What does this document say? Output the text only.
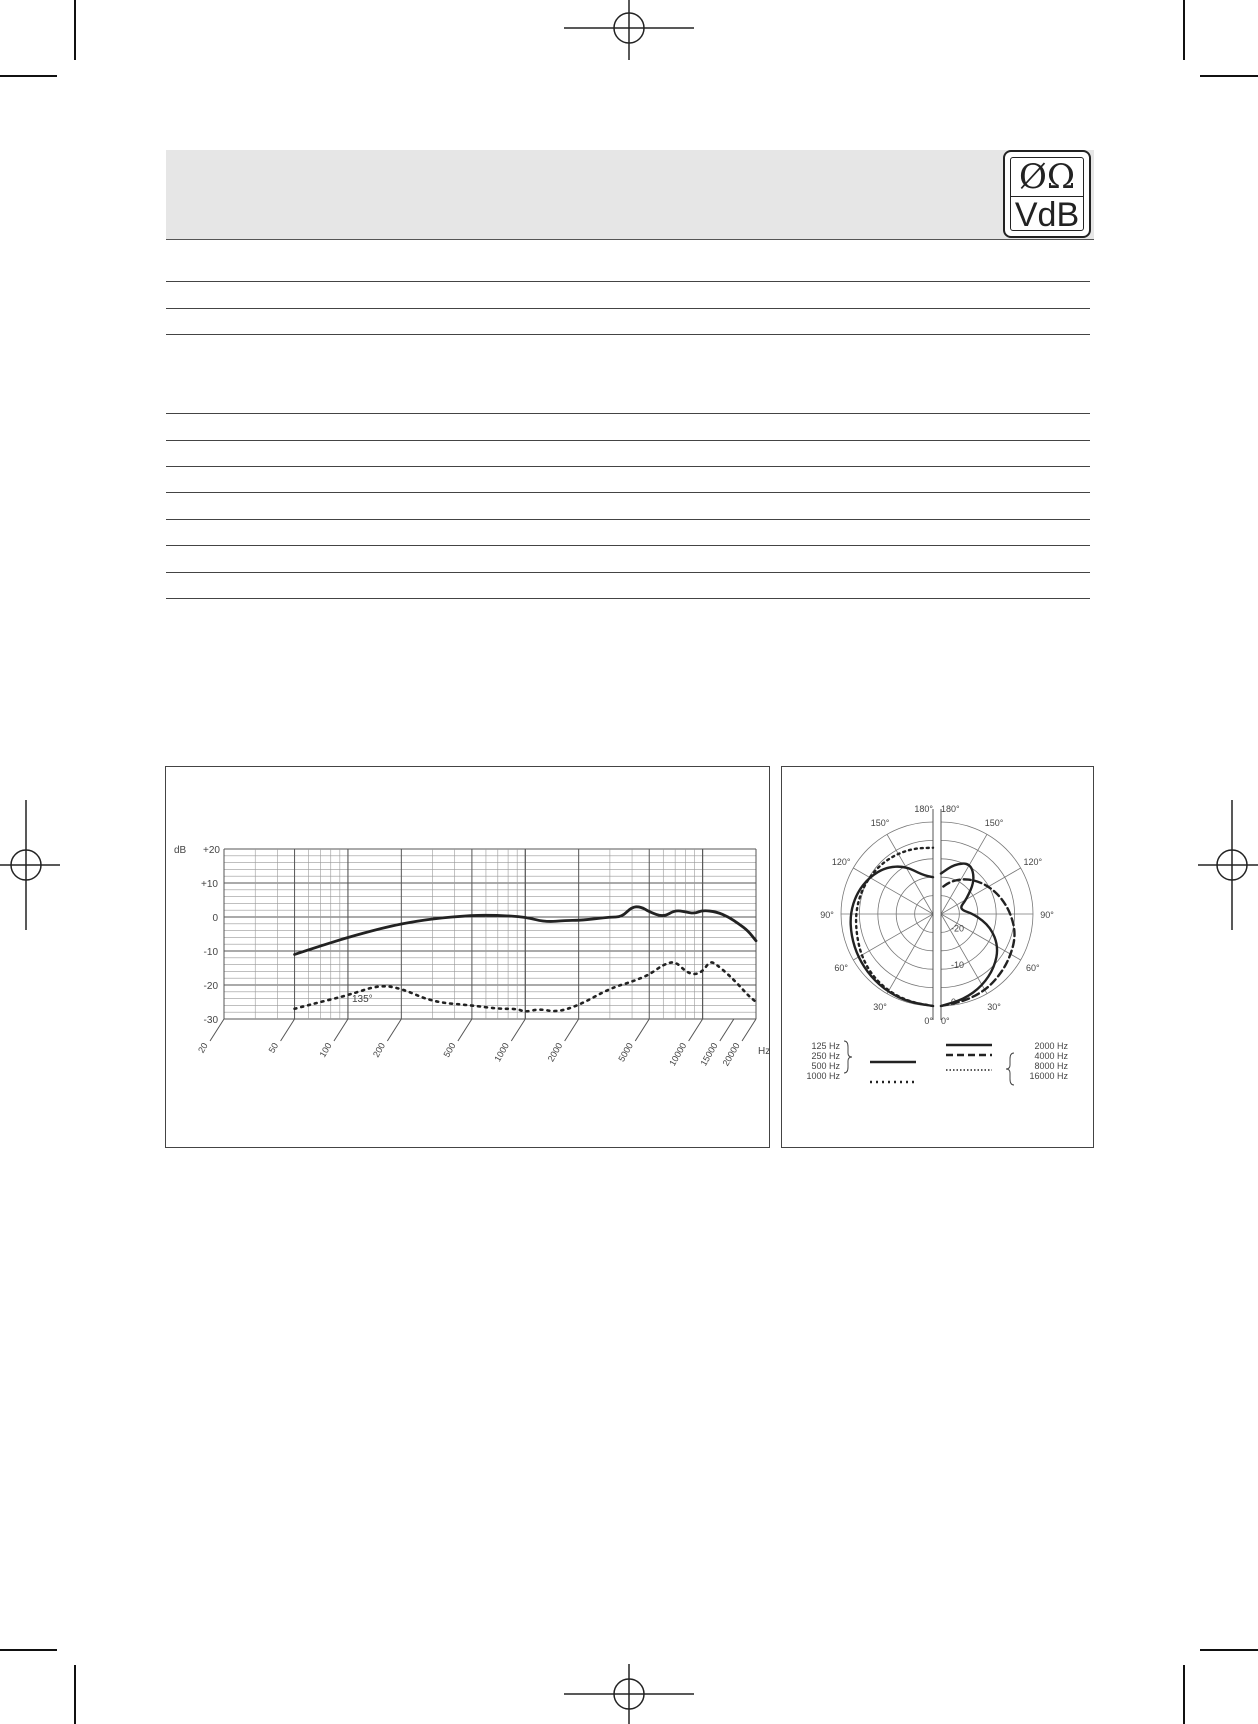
ØΩ
VdB
+20
+10
0
-10
-20
-30
20	50	100	200	500	1000	2000	5000	10000 15000 20000
dB
Hz
135°
180° 180°
150°	150°
120°	120°
90°	90°
60°	60°
30°	30°
0° 0°
-20
-10
0
125 Hz
250 Hz
500 Hz
1000 Hz
2000 Hz
4000 Hz
8000 Hz
16000 Hz
